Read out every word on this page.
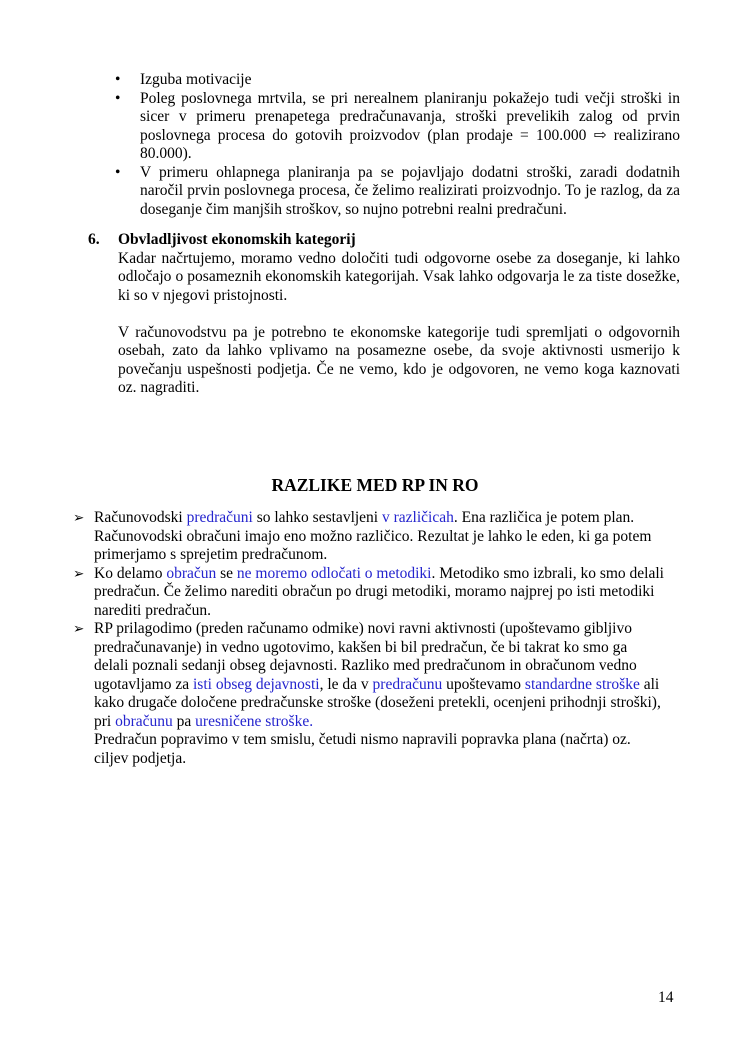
•	Izguba motivacije
•	Poleg poslovnega mrtvila, se pri nerealnem planiranju pokažejo tudi večji stroški in sicer v primeru prenapetega predračunavanja, stroški prevelikih zalog od prvin poslovnega procesa do gotovih proizvodov (plan prodaje = 100.000 ⇨ realizirano 80.000).
•	V primeru ohlapnega planiranja pa se pojavljajo dodatni stroški, zaradi dodatnih naročil prvin poslovnega procesa, če želimo realizirati proizvodnjo. To je razlog, da za doseganje čim manjših stroškov, so nujno potrebni realni predračuni.
6.	Obvladljivost ekonomskih kategorij

Kadar načrtujemo, moramo vedno določiti tudi odgovorne osebe za doseganje, ki lahko odločajo o posameznih ekonomskih kategorijah. Vsak lahko odgovarja le za tiste dosežke, ki so v njegovi pristojnosti.

V računovodstvu pa je potrebno te ekonomske kategorije tudi spremljati o odgovornih osebah, zato da lahko vplivamo na posamezne osebe, da svoje aktivnosti usmerijo k povečanju uspešnosti podjetja. Če ne vemo, kdo je odgovoren, ne vemo koga kaznovati oz. nagraditi.

RAZLIKE MED RP IN RO
➢ Računovodski predračuni so lahko sestavljeni v različicah. Ena različica je potem plan. Računovodski obračuni imajo eno možno različico. Rezultat je lahko le eden, ki ga potem primerjamo s sprejetim predračunom.
➢ Ko delamo obračun se ne moremo odločati o metodiki. Metodiko smo izbrali, ko smo delali predračun. Če želimo narediti obračun po drugi metodiki, moramo najprej po isti metodiki narediti predračun.
➢ RP prilagodimo (preden računamo odmike) novi ravni aktivnosti (upoštevamo gibljivo predračunavanje) in vedno ugotovimo, kakšen bi bil predračun, če bi takrat ko smo ga delali poznali sedanji obseg dejavnosti. Razliko med predračunom in obračunom vedno ugotavljamo za isti obseg dejavnosti, le da v predračunu upoštevamo standardne stroške ali kako drugače določene predračunske stroške (doseženi pretekli, ocenjeni prihodnji stroški), pri obračunu pa uresničene stroške.

Predračun popravimo v tem smislu, četudi nismo napravili popravka plana (načrta) oz. ciljev podjetja.

14
